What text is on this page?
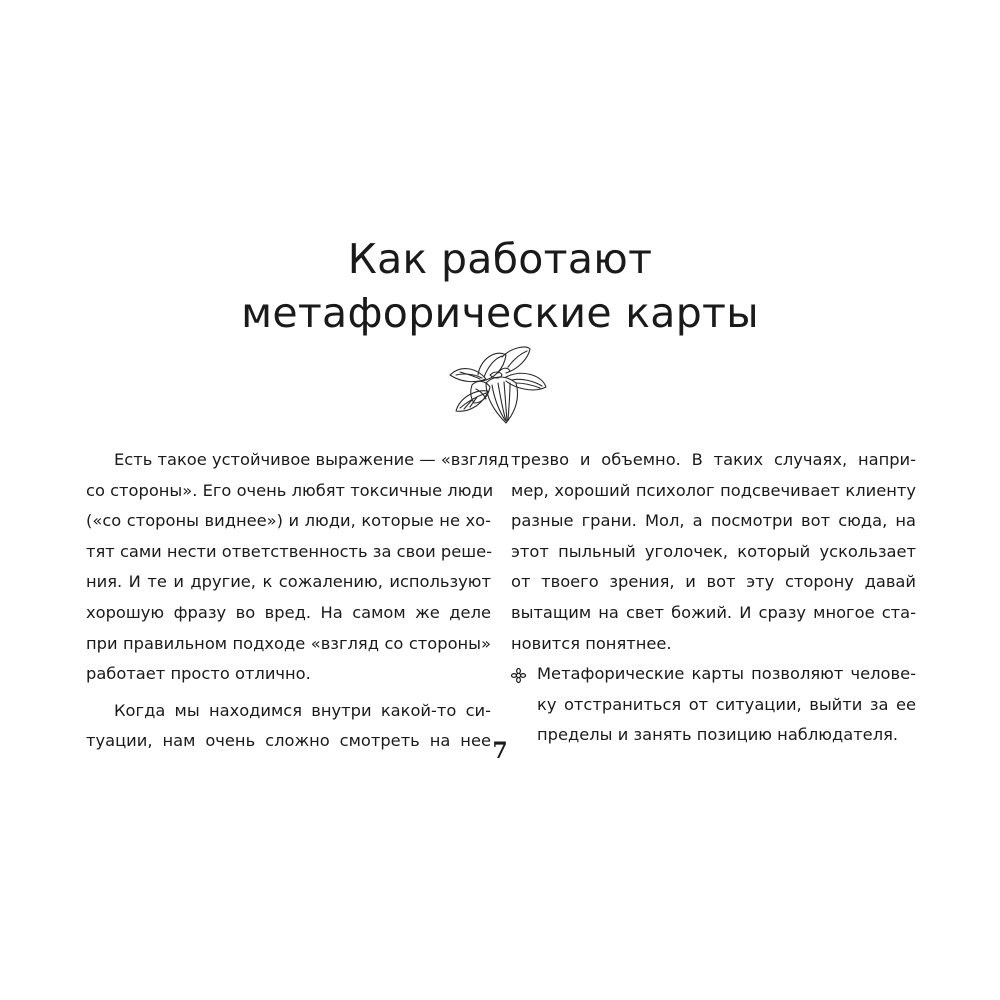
Как работают
метафорические карты
Есть такое устойчивое выражение — «взгляд
со стороны». Его очень любят токсичные люди
(«со стороны виднее») и люди, которые не хо-
тят сами нести ответственность за свои реше-
ния. И те и другие, к сожалению, используют
хорошую фразу во вред. На самом же деле
при правильном подходе «взгляд со стороны»
работает просто отлично.
Когда мы находимся внутри какой-то си-
туации, нам очень сложно смотреть на нее
трезво и объемно. В таких случаях, напри-
мер, хороший психолог подсвечивает клиенту
разные грани. Мол, а посмотри вот сюда, на
этот пыльный уголочек, который ускользает
от твоего зрения, и вот эту сторону давай
вытащим на свет божий. И сразу многое ста-
новится понятнее.
Метафорические карты позволяют челове-
ку отстраниться от ситуации, выйти за ее
пределы и занять позицию наблюдателя.
7
